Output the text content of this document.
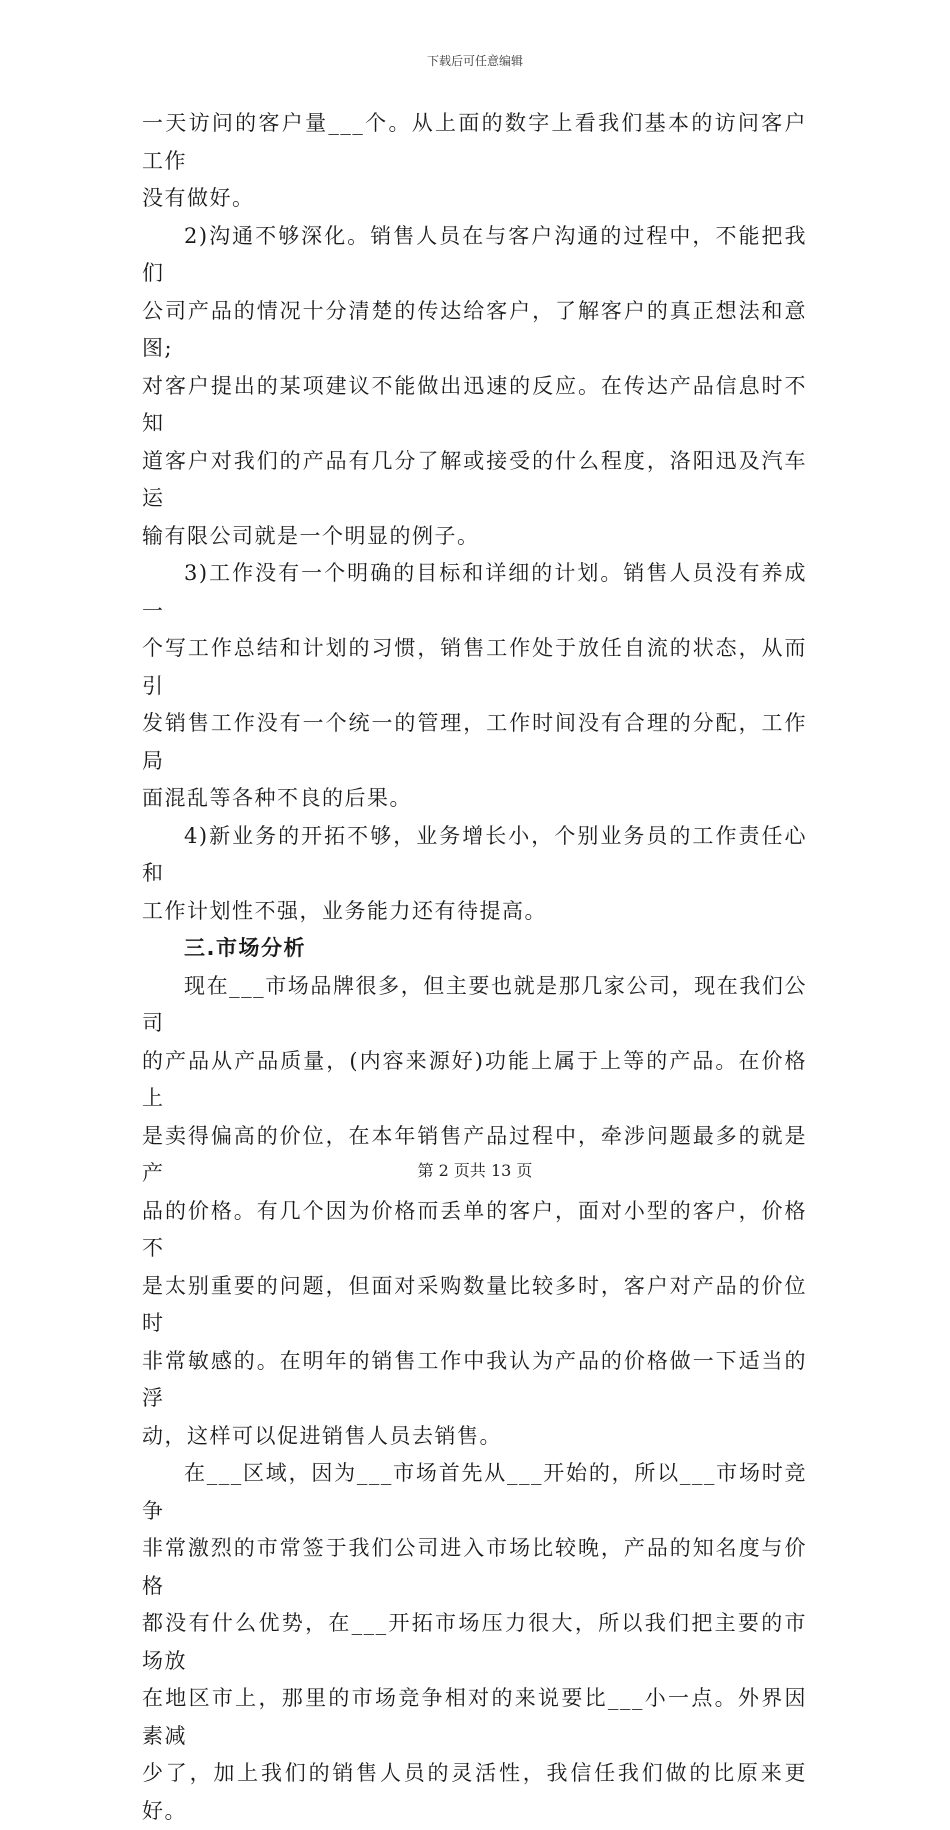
下载后可任意编辑
一天访问的客户量___个。从上面的数字上看我们基本的访问客户工作
没有做好。
2)沟通不够深化。销售人员在与客户沟通的过程中，不能把我们
公司产品的情况十分清楚的传达给客户，了解客户的真正想法和意图;
对客户提出的某项建议不能做出迅速的反应。在传达产品信息时不知
道客户对我们的产品有几分了解或接受的什么程度，洛阳迅及汽车运
输有限公司就是一个明显的例子。
3)工作没有一个明确的目标和详细的计划。销售人员没有养成一
个写工作总结和计划的习惯，销售工作处于放任自流的状态，从而引
发销售工作没有一个统一的管理，工作时间没有合理的分配，工作局
面混乱等各种不良的后果。
4)新业务的开拓不够，业务增长小，个别业务员的工作责任心和
工作计划性不强，业务能力还有待提高。
三.市场分析
现在___市场品牌很多，但主要也就是那几家公司，现在我们公司
的产品从产品质量，(内容来源好)功能上属于上等的产品。在价格上
是卖得偏高的价位，在本年销售产品过程中，牵涉问题最多的就是产
品的价格。有几个因为价格而丢单的客户，面对小型的客户，价格不
是太别重要的问题，但面对采购数量比较多时，客户对产品的价位时
非常敏感的。在明年的销售工作中我认为产品的价格做一下适当的浮
动，这样可以促进销售人员去销售。
在___区域，因为___市场首先从___开始的，所以___市场时竞争
非常激烈的市常签于我们公司进入市场比较晚，产品的知名度与价格
都没有什么优势，在___开拓市场压力很大，所以我们把主要的市场放
在地区市上，那里的市场竞争相对的来说要比___小一点。外界因素减
少了，加上我们的销售人员的灵活性，我信任我们做的比原来更好。
第 2 页共 13 页
